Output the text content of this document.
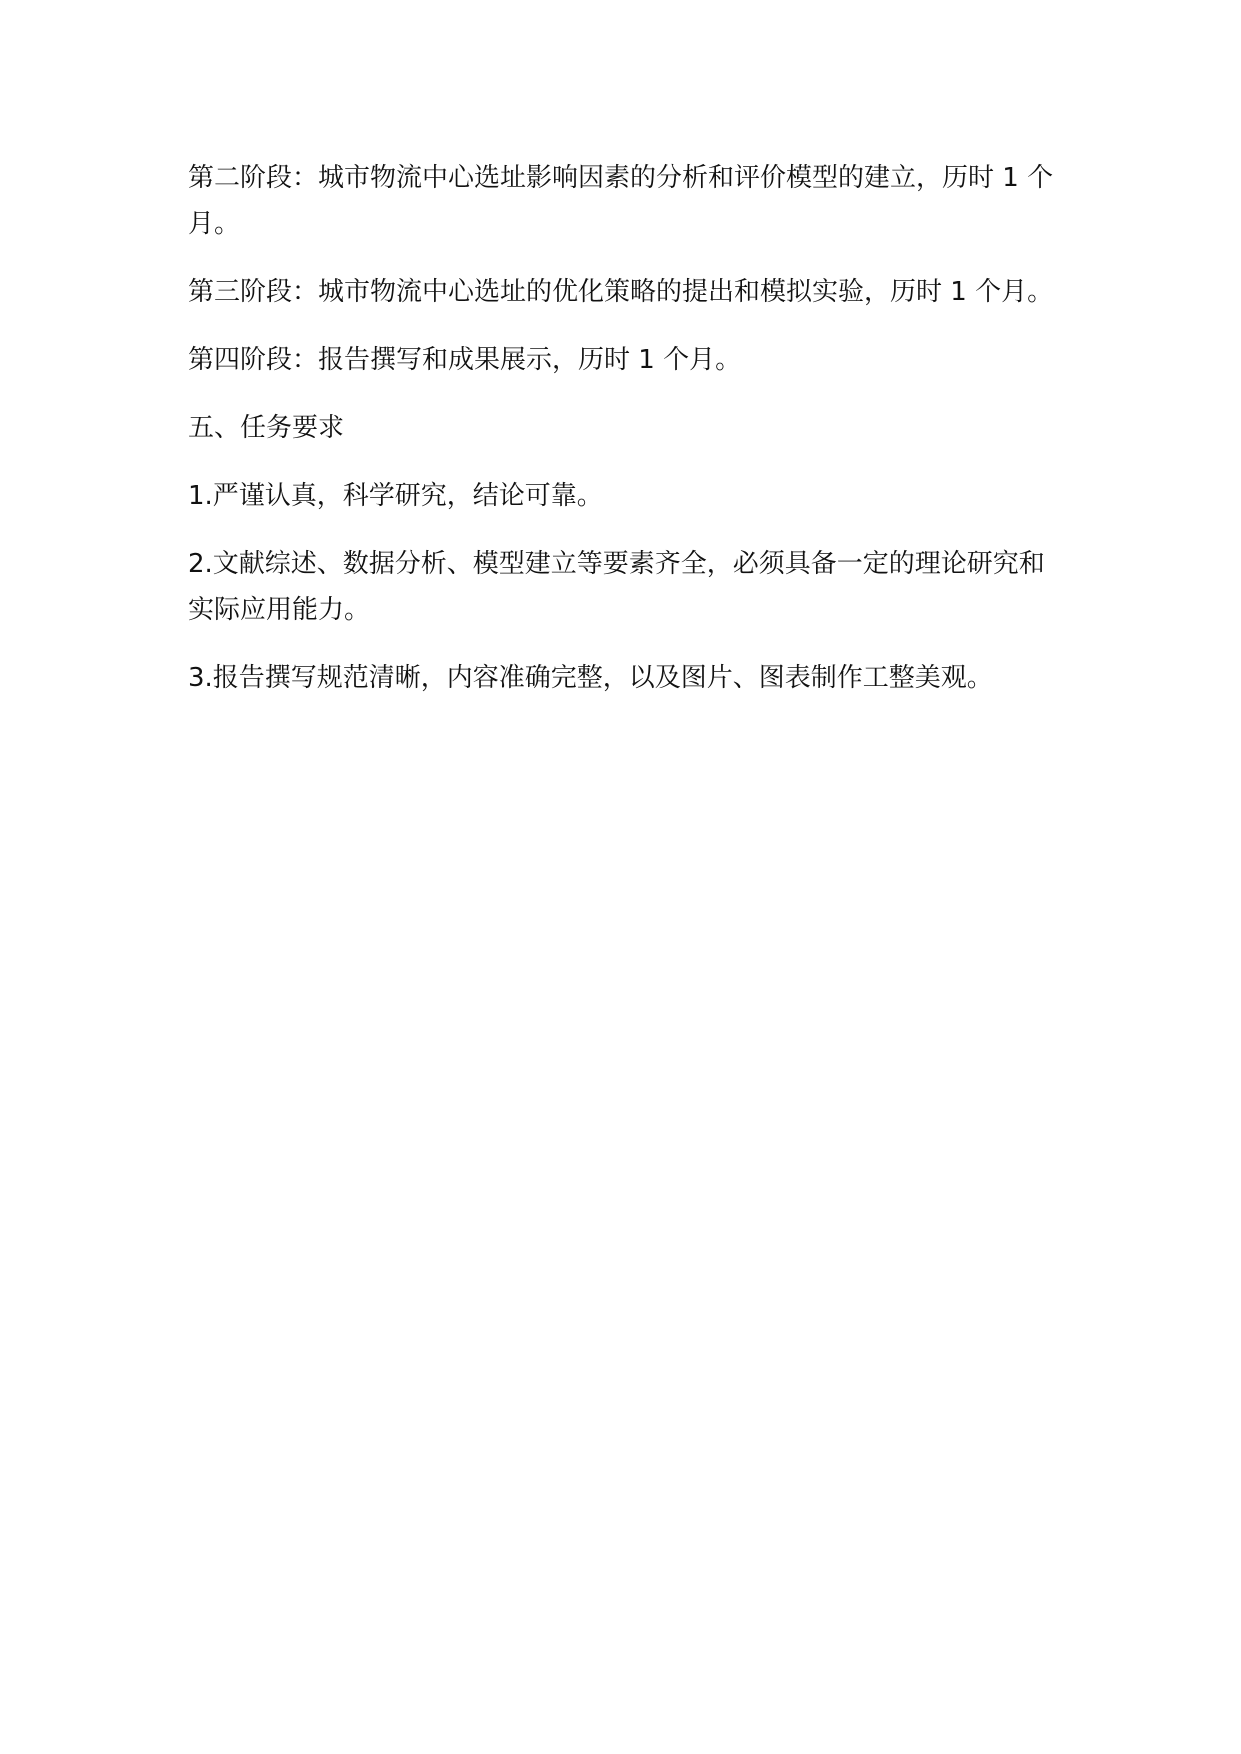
第二阶段：城市物流中心选址影响因素的分析和评价模型的建立，历时 1 个月。

第三阶段：城市物流中心选址的优化策略的提出和模拟实验，历时 1 个月。

第四阶段：报告撰写和成果展示，历时 1 个月。

五、任务要求

1.严谨认真，科学研究，结论可靠。

2.文献综述、数据分析、模型建立等要素齐全，必须具备一定的理论研究和实际应用能力。

3.报告撰写规范清晰，内容准确完整，以及图片、图表制作工整美观。
